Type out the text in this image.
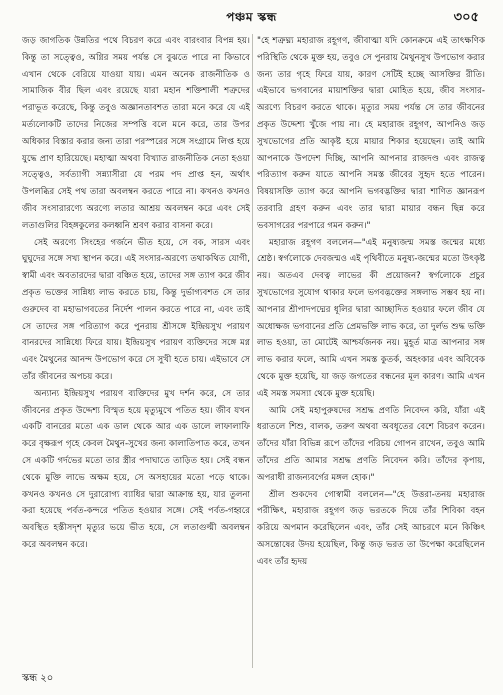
পঞ্চম স্কন্ধ	৩০৫

জড় জাগতিক উন্নতির পথে বিচরণ করে এবং বারংবার বিপন্ন হয়। কিন্তু তা সত্ত্বেও, অগ্নির সময় পর্যন্ত সে বুঝতে পারে না কিভাবে এখান থেকে বেরিয়ে যাওয়া যায়। এমন অনেক রাজনীতিক ও সামাজিক বীর ছিল এবং রয়েছে যারা মহান শক্তিশালী শত্রুদের পরাভূত করেছে, কিন্তু তবুও অজ্ঞানতাবশত তারা মনে করে যে এই মর্ত্যলোকটি তাদের নিজের সম্পত্তি বলে মনে করে, তার উপর অধিকার বিস্তার করার জন্য তারা পরস্পরের সঙ্গে সংগ্রামে লিপ্ত হয়ে যুদ্ধে প্রাণ হারিয়েছে। মহাত্মা অথবা বিখ্যাত রাজনীতিক নেতা হওয়া সত্ত্বেও, সর্বত্যাগী সন্ন্যাসীরা যে পরম পদ প্রাপ্ত হন, অর্থাৎ উপলব্ধির সেই পথ তারা অবলম্বন করতে পারে না। কখনও কখনও জীব সংসারারণ্যে অরণ্যে লতার আশ্রয় অবলম্বন করে এবং সেই লতাগুলির বিহঙ্গকুলের কলধ্বনি শ্রবণ করার বাসনা করে।

সেই অরণ্যে সিংহের গর্জনে ভীত হয়ে, সে বক, সারস এবং ঘুঘুদের সঙ্গে সখ্য স্থাপন করে। এই সংসার-অরণ্যে তথাকথিত যোগী, স্বামী এবং অবতারদের দ্বারা বঞ্চিত হয়ে, তাদের সঙ্গ ত্যাগ করে জীব প্রকৃত ভক্তের সান্নিধ্য লাভ করতে চায়, কিন্তু দুর্ভাগ্যবশত সে তার গুরুদেব বা মহাভাগবতের নির্দেশ পালন করতে পারে না, এবং তাই সে তাদের সঙ্গ পরিত্যাগ করে পুনরায় শ্রীসঙ্গে ইন্দ্রিয়সুখ পরায়ণ বানরদের সান্নিধ্যে ফিরে যায়। ইন্দ্রিয়সুখ পরায়ণ ব্যক্তিদের সঙ্গে মগ্ন এবং মৈথুনের আনন্দ উপভোগ করে সে সুখী হতে চায়। এইভাবে সে তাঁর জীবনের অপচয় করে।

অন্যান্য ইন্দ্রিয়সুখ পরায়ণ ব্যক্তিদের মুখ দর্শন করে, সে তার জীবনের প্রকৃত উদ্দেশ্য বিস্মৃত হয়ে মৃত্যুমুখে পতিত হয়। জীব যখন একটি বানরের মতো এক ডাল থেকে আর এক ডালে লাফালাফি করে বৃক্ষরূপ গৃহে কেবল মৈথুন-সুখের জন্য কালাতিপাত করে, তখন সে একটি গর্দভের মতো তার স্ত্রীর পদাঘাতে তাড়িত হয়। সেই বন্ধন থেকে মুক্তি লাভে অক্ষম হয়ে, সে অসহায়ের মতো পড়ে থাকে। কখনও কখনও সে দুরারোগ্য ব্যাধির দ্বারা আক্রান্ত হয়, যার তুলনা করা হয়েছে পর্বত-কন্দরে পতিত হওয়ার সঙ্গে। সেই পর্বত-গহ্বরে অবস্থিত হস্তীসদৃশ মৃত্যুর ভয়ে ভীত হয়ে, সে লতাগুল্মী অবলম্বন করে অবলম্বন করে।

"হে শত্রুঘ্ন্য মহারাজ রহূগণ, জীবাত্মা যদি কোনক্রমে এই তাৎক্ষণিক পরিস্থিতি থেকে মুক্ত হয়, তবুও সে পুনরায় মৈথুনসুখ উপভোগ করার জন্য তার গৃহে ফিরে যায়, কারণ সেটিই হচ্ছে আসক্তির রীতি। এইভাবে ভগবানের মায়াশক্তির দ্বারা মোহিত হয়ে, জীব সংসার-অরণ্যে বিচরণ করতে থাকে। মৃত্যুর সময় পর্যন্ত সে তার জীবনের প্রকৃত উদ্দেশ্য খুঁজে পায় না। হে মহারাজ রহূগণ, আপনিও জড় সুখভোগের প্রতি আকৃষ্ট হয়ে মায়ার শিকার হয়েছেন। তাই আমি আপনাকে উপদেশ দিচ্ছি, আপনি আপনার রাজদণ্ড এবং রাজত্ব পরিত্যাগ করুন যাতে আপনি সমস্ত জীবের সুহৃদ হতে পারেন। বিষয়াসক্তি ত্যাগ করে আপনি ভগবদ্ভক্তির দ্বারা শাণিত জ্ঞানরূপ তরবারি গ্রহণ করুন এবং তার দ্বারা মায়ার বন্ধন ছিন্ন করে ভবসাগরের পরপারে গমন করুন।"

মহারাজ রহূগণ বললেন—"এই মনুষ্যজন্ম সমস্ত জন্মের মধ্যে শ্রেষ্ঠ। স্বর্গলোকে দেবজন্মও এই পৃথিবীতে মনুষ্য-জন্মের মতো উৎকৃষ্ট নয়। অতএব দেবত্ব লাভের কী প্রয়োজন? স্বর্গলোকে প্রচুর সুখভোগের সুযোগ থাকার ফলে ভগবদ্ভক্তের সঙ্গলাভ সম্ভব হয় না। আপনার শ্রীপাদপদ্মের ধূলির দ্বারা আচ্ছাদিত হওয়ার ফলে জীব যে অধোক্ষজ ভগবানের প্রতি প্রেমভক্তি লাভ করে, তা দুর্লভ শুদ্ধ ভক্তি লাভ হওয়া, তা মোটেই আশ্চর্যজনক নয়। মুহূর্ত মাত্র আপনার সঙ্গ লাভ করার ফলে, আমি এখন সমস্ত কুতর্ক, অহংকার এবং অবিবেক থেকে মুক্ত হয়েছি, যা জড় জগতের বন্ধনের মূল কারণ। আমি এখন এই সমস্ত সমস্যা থেকে মুক্ত হয়েছি।

আমি সেই মহাপুরুষদের সশ্রদ্ধ প্রণতি নিবেদন করি, যাঁরা এই ধরাতলে শিশু, বালক, তরুণ অথবা অবধূতের বেশে বিচরণ করেন। তাঁদের যাঁরা বিভিন্ন রূপে তাঁদের পরিচয় গোপন রাখেন, তবুও আমি তাঁদের প্রতি আমার সশ্রদ্ধ প্রণতি নিবেদন করি। তাঁদের কৃপায়, অপরাধী রাজন্যবর্গের মঙ্গল হোক।"

শ্রীল শুকদেব গোস্বামী বললেন—"হে উত্তরা-তনয় মহারাজ পরীক্ষিৎ, মহারাজ রহূগণ জড় ভরতকে দিয়ে তাঁর শিবিকা বহন করিয়ে অপমান করেছিলেন এবং, তাঁর সেই আচরণে মনে কিঞ্চিৎ অসন্তোষের উদয় হয়েছিল, কিন্তু জড় ভরত তা উপেক্ষা করেছিলেন এবং তাঁর হৃদয়

স্কন্ধ ২০
